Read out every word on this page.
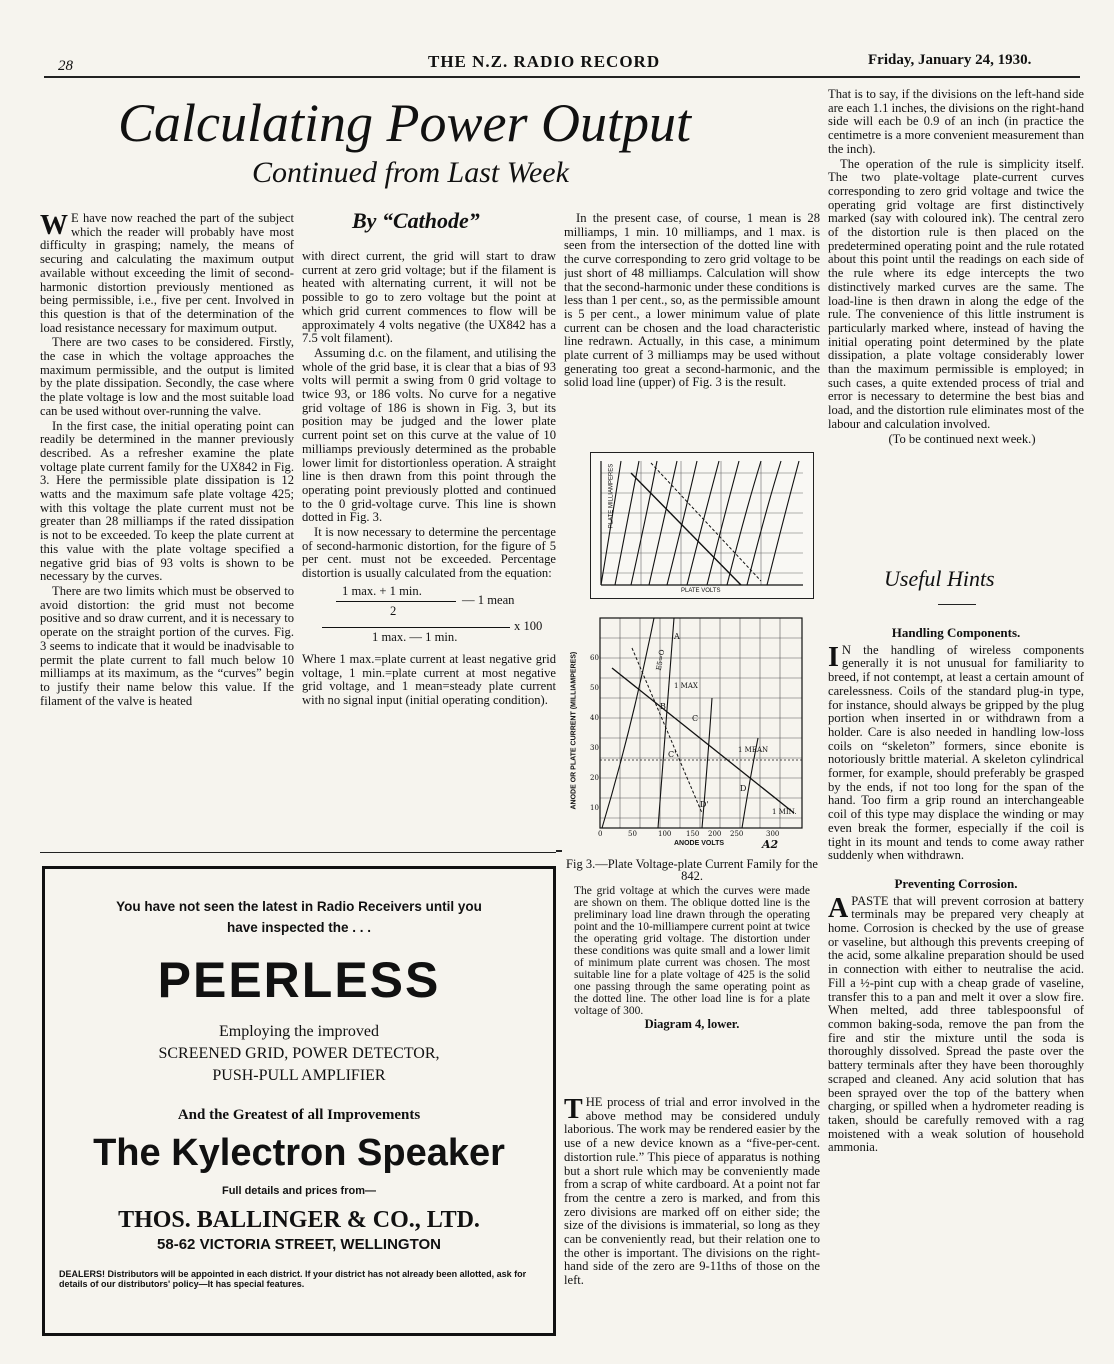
28	THE N.Z. RADIO RECORD	Friday, January 24, 1930.
Calculating Power Output
Continued from Last Week
By “Cathode”

W E have now reached the part of the subject which the reader will probably have most difficulty in grasping; namely, the means of securing and calculating the maximum output available without exceeding the limit of second-harmonic distortion previously mentioned as being permissible, i.e., five per cent. Involved in this question is that of the determination of the load resistance necessary for maximum output.

There are two cases to be considered. Firstly, the case in which the voltage approaches the maximum permissible, and the output is limited by the plate dissipation. Secondly, the case where the plate voltage is low and the most suitable load can be used without over-running the valve.

In the first case, the initial operating point can readily be determined in the manner previously described. As a refresher examine the plate voltage plate current family for the UX842 in Fig. 3. Here the permissible plate dissipation is 12 watts and the maximum safe plate voltage 425; with this voltage the plate current must not be greater than 28 milliamps if the rated dissipation is not to be exceeded. To keep the plate current at this value with the plate voltage specified a negative grid bias of 93 volts is shown to be necessary by the curves.

There are two limits which must be observed to avoid distortion: the grid must not become positive and so draw current, and it is necessary to operate on the straight portion of the curves. Fig. 3 seems to indicate that it would be inadvisable to permit the plate current to fall much below 10 milliamps at its maximum, as the “curves” begin to justify their name below this value. If the filament of the valve is heated

with direct current, the grid will start to draw current at zero grid voltage; but if the filament is heated with alternating current, it will not be possible to go to zero voltage but the point at which grid current commences to flow will be approximately 4 volts negative (the UX842 has a 7.5 volt filament).

Assuming d.c. on the filament, and utilising the whole of the grid base, it is clear that a bias of 93 volts will permit a swing from 0 grid voltage to twice 93, or 186 volts. No curve for a negative grid voltage of 186 is shown in Fig. 3, but its position may be judged and the lower plate current point set on this curve at the value of 10 milliamps previously determined as the probable lower limit for distortionless operation. A straight line is then drawn from this point through the operating point previously plotted and continued to the 0 grid-voltage curve. This line is shown dotted in Fig. 3.

It is now necessary to determine the percentage of second-harmonic distortion, for the figure of 5 per cent. must not be exceeded. Percentage distortion is usually calculated from the equation:

1 max. + 1 min.
— 1 mean
2
x 100
1 max. — 1 min.

Where 1 max.=plate current at least negative grid voltage, 1 min.=plate current at most negative grid voltage, and 1 mean=steady plate current with no signal input (initial operating condition).

In the present case, of course, 1 mean is 28 milliamps, 1 min. 10 milliamps, and 1 max. is seen from the intersection of the dotted line with the curve corresponding to zero grid voltage to be just short of 48 milliamps. Calculation will show that the second-harmonic under these conditions is less than 1 per cent., so, as the permissible amount is 5 per cent., a lower minimum value of plate current can be chosen and the load characteristic line redrawn. Actually, in this case, a minimum plate current of 3 milliamps may be used without generating too great a second-harmonic, and the solid load line (upper) of Fig. 3 is the result.

PLATE MILLIAMPERES
PLATE VOLTS
ANODE OR PLATE CURRENT (MILLIAMPERES) 60
50
40
30
20
10
0	50	100 150 200 250	300
ANODE VOLTS	A2
A
E5=O
B
1 MAX
C
C'	1 MEAN
D
D'
1 MIN.
Fig 3.—Plate Voltage-plate Current Family for the 842.
The grid voltage at which the curves were made are shown on them. The oblique dotted line is the preliminary load line drawn through the operating point and the 10-milliampere current point at twice the operating grid voltage. The distortion under these conditions was quite small and a lower limit of minimum plate current was chosen. The most suitable line for a plate voltage of 425 is the solid one passing through the same operating point as the dotted line. The other load line is for a plate voltage of 300.
Diagram 4, lower.

THE process of trial and error involved in the above method may be considered unduly laborious. The work may be rendered easier by the use of a new device known as a “five-per-cent. distortion rule.” This piece of apparatus is nothing but a short rule which may be conveniently made from a scrap of white cardboard. At a point not far from the centre a zero is marked, and from this zero divisions are marked off on either side; the size of the divisions is immaterial, so long as they can be conveniently read, but their relation one to the other is important. The divisions on the right-hand side of the zero are 9-11ths of those on the left.

That is to say, if the divisions on the left-hand side are each 1.1 inches, the divisions on the right-hand side will each be 0.9 of an inch (in practice the centimetre is a more convenient measurement than the inch).

The operation of the rule is simplicity itself. The two plate-voltage plate-current curves corresponding to zero grid voltage and twice the operating grid voltage are first distinctively marked (say with coloured ink). The central zero of the distortion rule is then placed on the predetermined operating point and the rule rotated about this point until the readings on each side of the rule where its edge intercepts the two distinctively marked curves are the same. The load-line is then drawn in along the edge of the rule. The convenience of this little instrument is particularly marked where, instead of having the initial operating point determined by the plate dissipation, a plate voltage considerably lower than the maximum permissible is employed; in such cases, a quite extended process of trial and error is necessary to determine the best bias and load, and the distortion rule eliminates most of the labour and calculation involved.

(To be continued next week.)

Useful Hints
Handling Components.

I N the handling of wireless components generally it is not unusual for familiarity to breed, if not contempt, at least a certain amount of carelessness. Coils of the standard plug-in type, for instance, should always be gripped by the plug portion when inserted in or withdrawn from a holder. Care is also needed in handling low-loss coils on “skeleton” formers, since ebonite is notoriously brittle material. A skeleton cylindrical former, for example, should preferably be grasped by the ends, if not too long for the span of the hand. Too firm a grip round an interchangeable coil of this type may displace the winding or may even break the former, especially if the coil is tight in its mount and tends to come away rather suddenly when withdrawn.

Preventing Corrosion.

APASTE that will prevent corrosion at battery terminals may be prepared very cheaply at home. Corrosion is checked by the use of grease or vaseline, but although this prevents creeping of the acid, some alkaline preparation should be used in connection with either to neutralise the acid. Fill a ½-pint cup with a cheap grade of vaseline, transfer this to a pan and melt it over a slow fire. When melted, add three tablespoonsful of common baking-soda, remove the pan from the fire and stir the mixture until the soda is thoroughly dissolved. Spread the paste over the battery terminals after they have been thoroughly scraped and cleaned. Any acid solution that has been sprayed over the top of the battery when charging, or spilled when a hydrometer reading is taken, should be carefully removed with a rag moistened with a weak solution of household ammonia.

You have not seen the latest in Radio Receivers until you
have inspected the . . .
PEERLESS
Employing the improved
SCREENED GRID, POWER DETECTOR,
PUSH-PULL AMPLIFIER
And the Greatest of all Improvements
The Kylectron Speaker
Full details and prices from—
THOS. BALLINGER & CO., LTD.
58-62 VICTORIA STREET, WELLINGTON
DEALERS! Distributors will be appointed in each district. If your district has not already been allotted, ask for details of our distributors' policy—It has special features.
